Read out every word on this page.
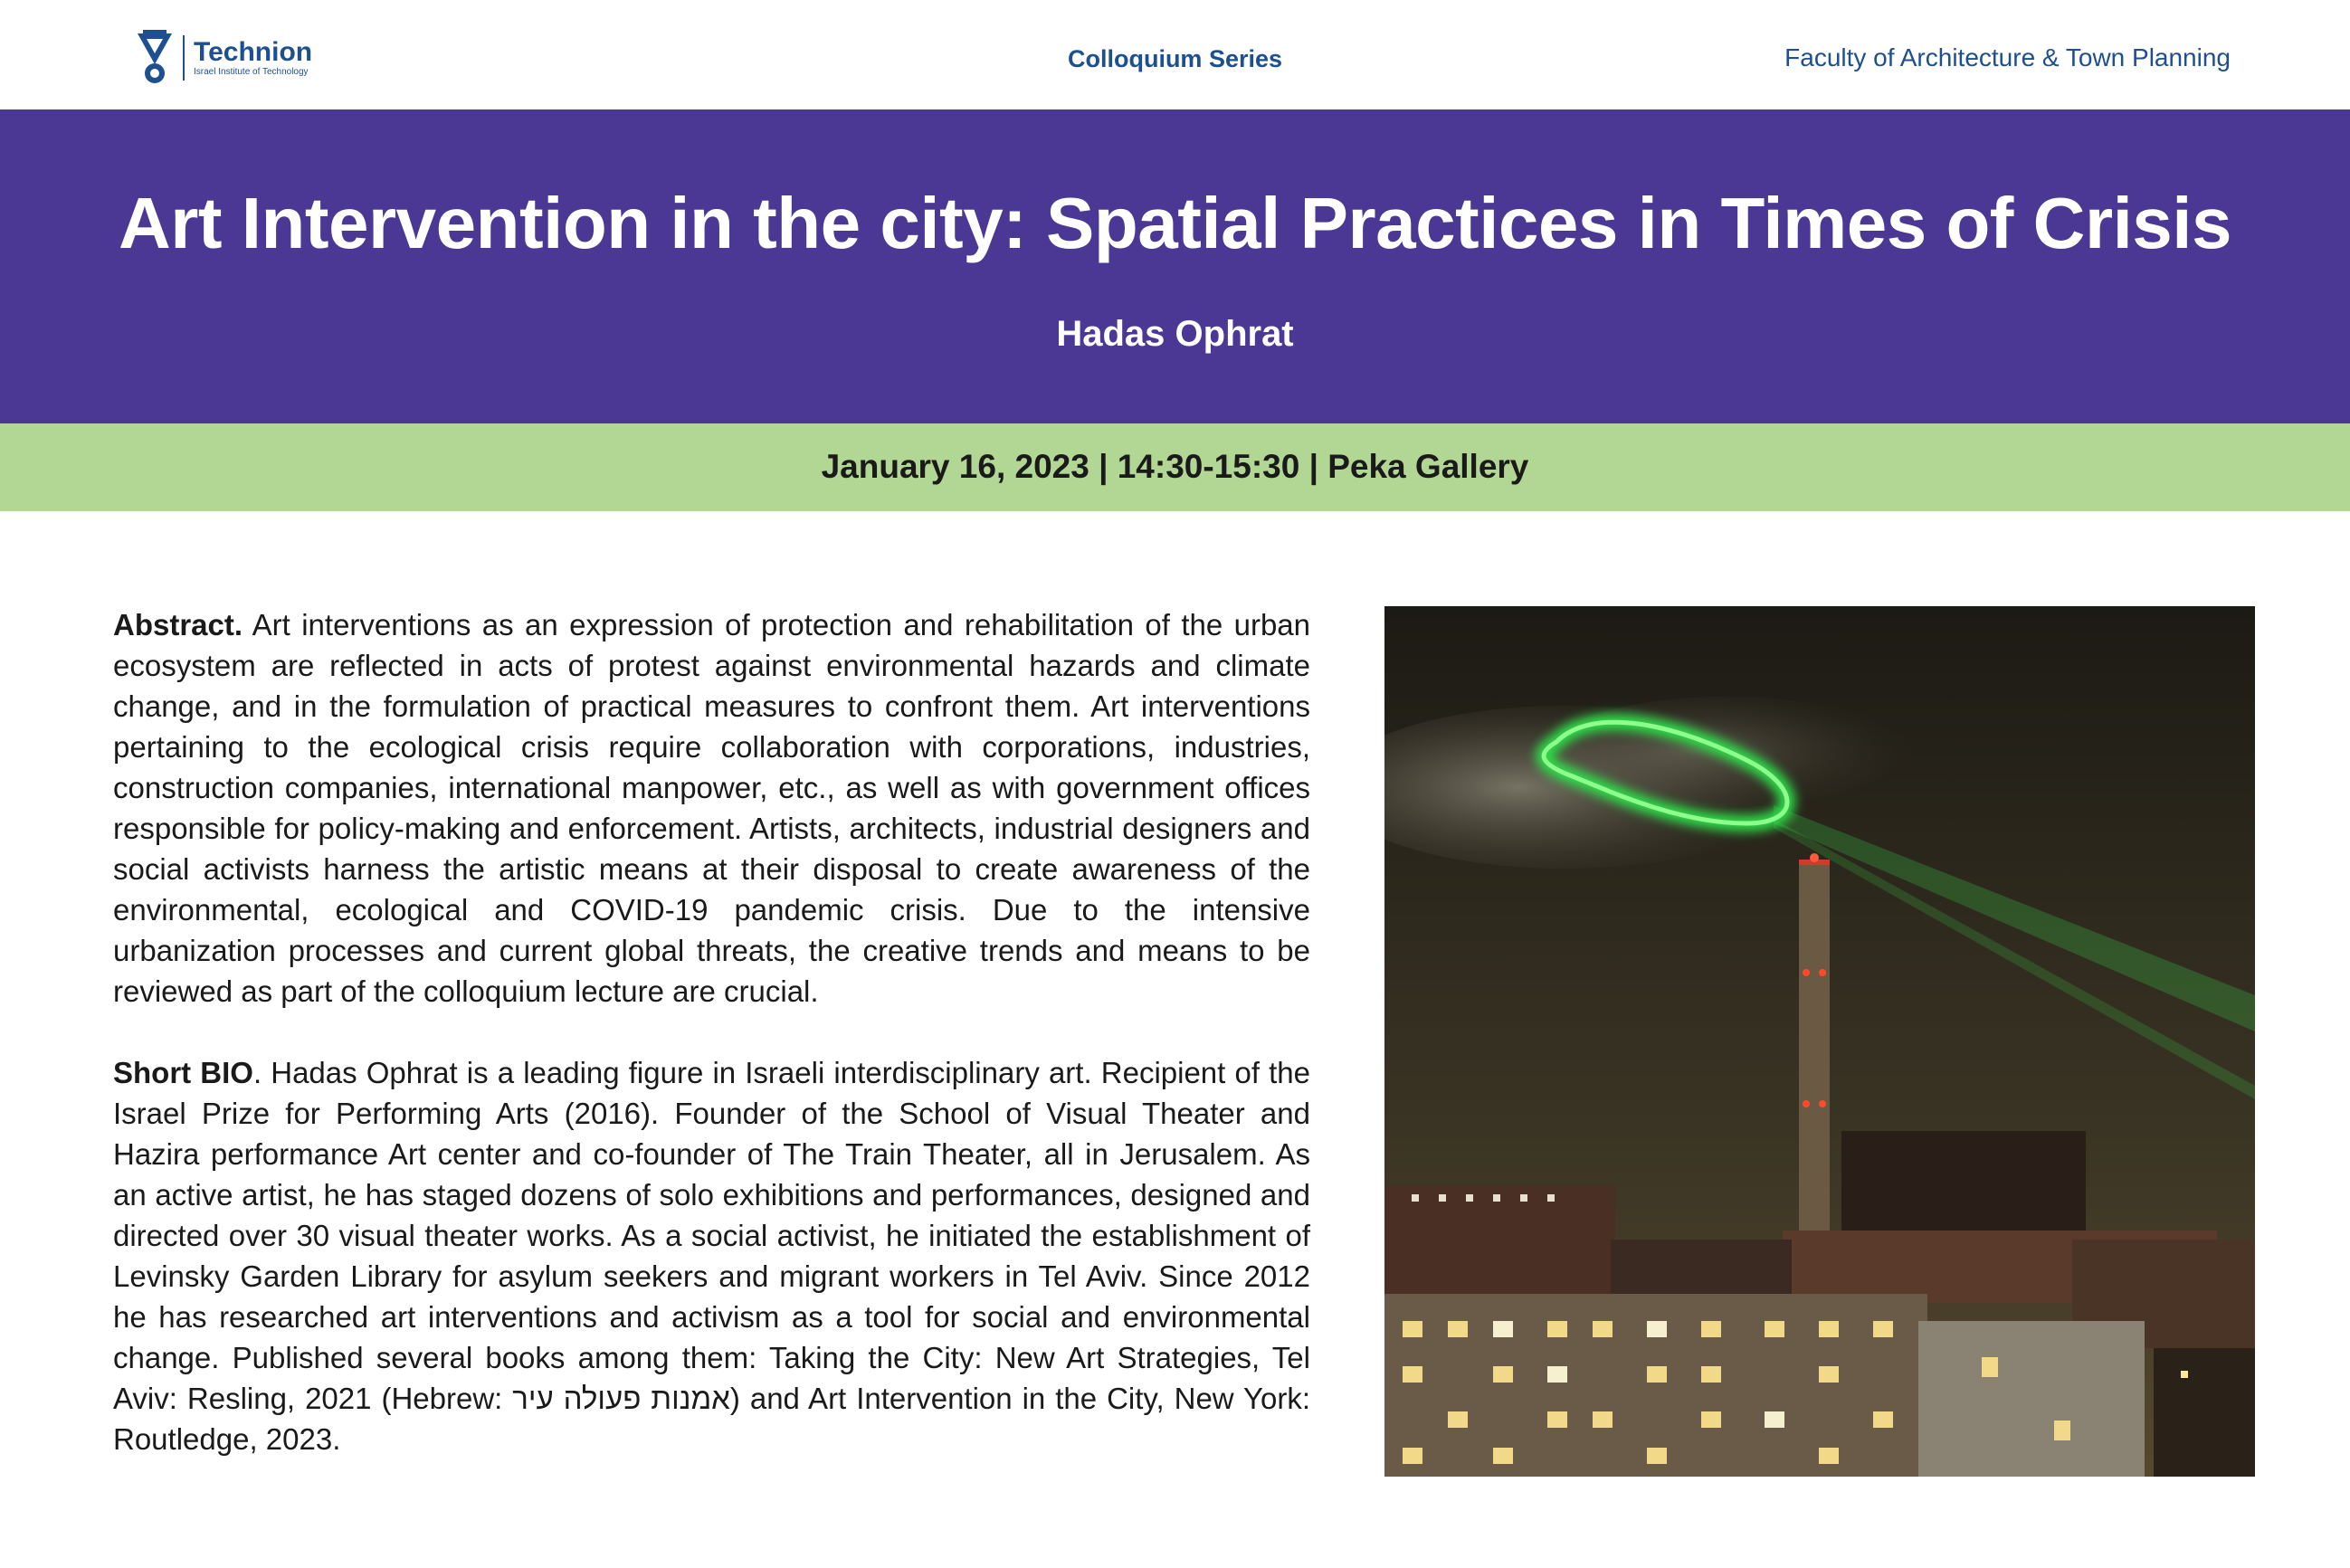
Technion
Israel Institute of Technology	Colloquium Series	Faculty of Architecture & Town Planning
Art Intervention in the city: Spatial Practices in Times of Crisis
Hadas Ophrat
January 16, 2023 | 14:30-15:30 | Peka Gallery

Abstract. Art interventions as an expression of protection and rehabilitation of the urban ecosystem are reflected in acts of protest against environmental hazards and climate change, and in the formulation of practical measures to confront them. Art interventions pertaining to the ecological crisis require collaboration with corporations, industries, construction companies, international manpower, etc., as well as with government offices responsible for policy-making and enforcement. Artists, architects, industrial designers and social activists harness the artistic means at their disposal to create awareness of the environmental, ecological and COVID-19 pandemic crisis. Due to the intensive urbanization processes and current global threats, the creative trends and means to be reviewed as part of the colloquium lecture are crucial.

Short BIO. Hadas Ophrat is a leading figure in Israeli interdisciplinary art. Recipient of the Israel Prize for Performing Arts (2016). Founder of the School of Visual Theater and Hazira performance Art center and co-founder of The Train Theater, all in Jerusalem. As an active artist, he has staged dozens of solo exhibitions and performances, designed and directed over 30 visual theater works. As a social activist, he initiated the establishment of Levinsky Garden Library for asylum seekers and migrant workers in Tel Aviv. Since 2012 he has researched art interventions and activism as a tool for social and environmental change. Published several books among them: Taking the City: New Art Strategies, Tel Aviv: Resling, 2021 (Hebrew: אמנות פעולה עיר) and Art Intervention in the City, New York: Routledge, 2023.
